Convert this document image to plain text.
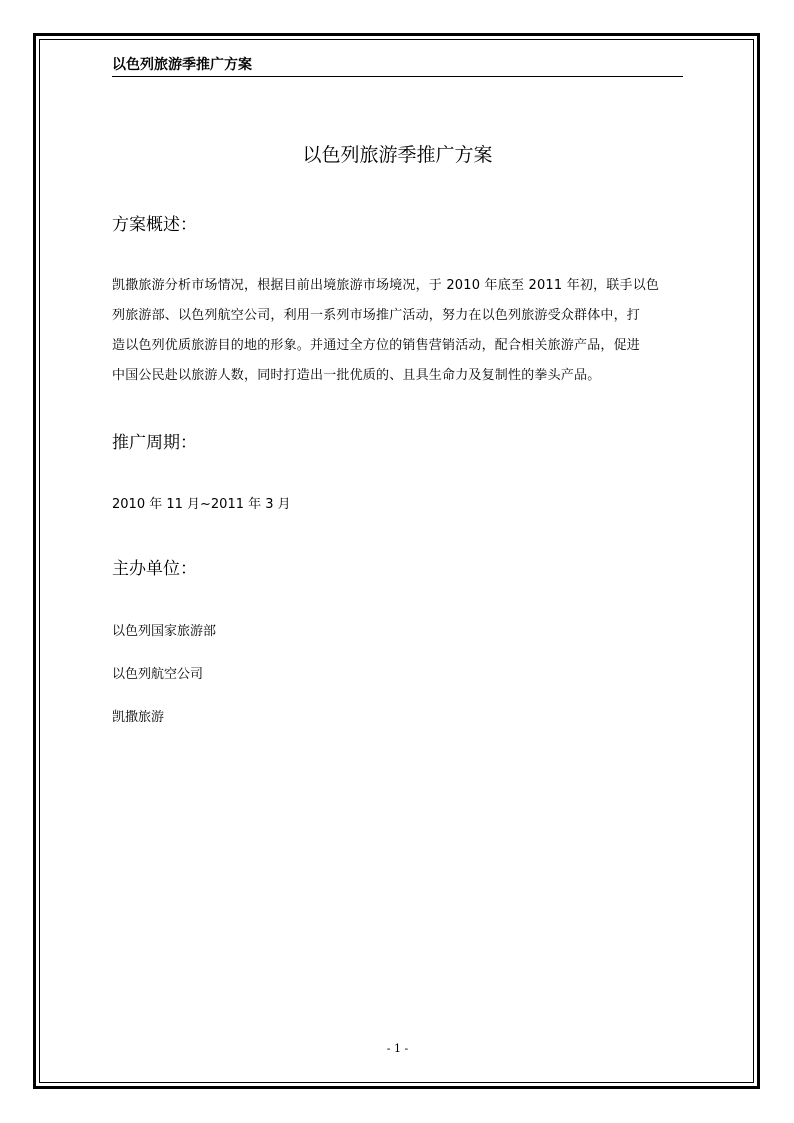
以色列旅游季推广方案
以色列旅游季推广方案
方案概述：
凯撒旅游分析市场情况，根据目前出境旅游市场境况，于 2010 年底至 2011 年初，联手以色
列旅游部、以色列航空公司，利用一系列市场推广活动，努力在以色列旅游受众群体中，打
造以色列优质旅游目的地的形象。并通过全方位的销售营销活动，配合相关旅游产品，促进
中国公民赴以旅游人数，同时打造出一批优质的、且具生命力及复制性的拳头产品。
推广周期：
2010 年 11 月~2011 年 3 月
主办单位：
以色列国家旅游部
以色列航空公司
凯撒旅游
- 1 -
